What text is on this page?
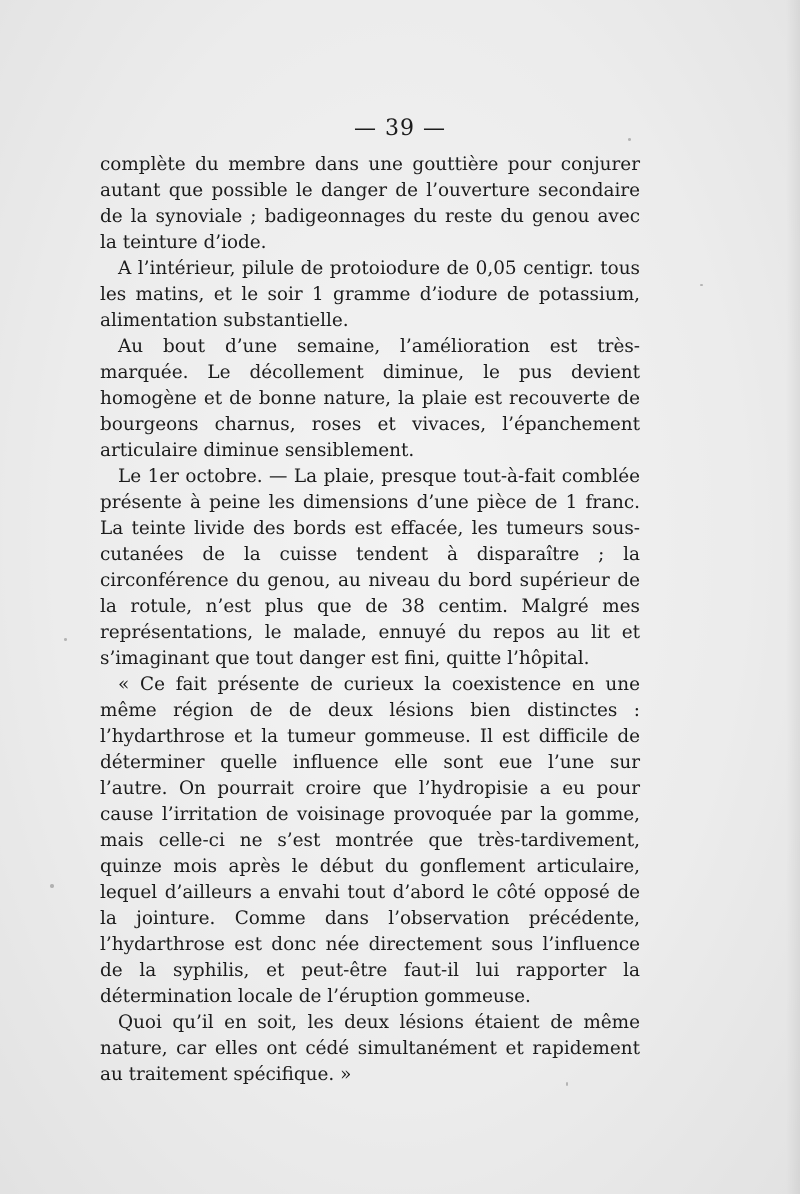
— 39 —

complète du membre dans une gouttière pour conjurer autant que possible le danger de l’ouverture secondaire de la synoviale ; badigeonnages du reste du genou avec la teinture d’iode.

A l’intérieur, pilule de protoiodure de 0,05 centigr. tous les matins, et le soir 1 gramme d’iodure de potassium, alimentation substantielle.

Au bout d’une semaine, l’amélioration est très-marquée. Le décollement diminue, le pus devient homogène et de bonne nature, la plaie est recouverte de bourgeons charnus, roses et vivaces, l’épanchement articulaire diminue sensiblement.

Le 1er octobre. — La plaie, presque tout-à-fait comblée présente à peine les dimensions d’une pièce de 1 franc. La teinte livide des bords est effacée, les tumeurs sous-cutanées de la cuisse tendent à disparaître ; la circonférence du genou, au niveau du bord supérieur de la rotule, n’est plus que de 38 centim. Malgré mes représentations, le malade, ennuyé du repos au lit et s’imaginant que tout danger est fini, quitte l’hôpital.

« Ce fait présente de curieux la coexistence en une même région de de deux lésions bien distinctes : l’hydarthrose et la tumeur gommeuse. Il est difficile de déterminer quelle influence elle sont eue l’une sur l’autre. On pourrait croire que l’hydropisie a eu pour cause l’irritation de voisinage provoquée par la gomme, mais celle-ci ne s’est montrée que très-tardivement, quinze mois après le début du gonflement articulaire, lequel d’ailleurs a envahi tout d’abord le côté opposé de la jointure. Comme dans l’observation précédente, l’hydarthrose est donc née directement sous l’influence de la syphilis, et peut-être faut-il lui rapporter la détermination locale de l’éruption gommeuse.

Quoi qu’il en soit, les deux lésions étaient de même nature, car elles ont cédé simultanément et rapidement au traitement spécifique. »
